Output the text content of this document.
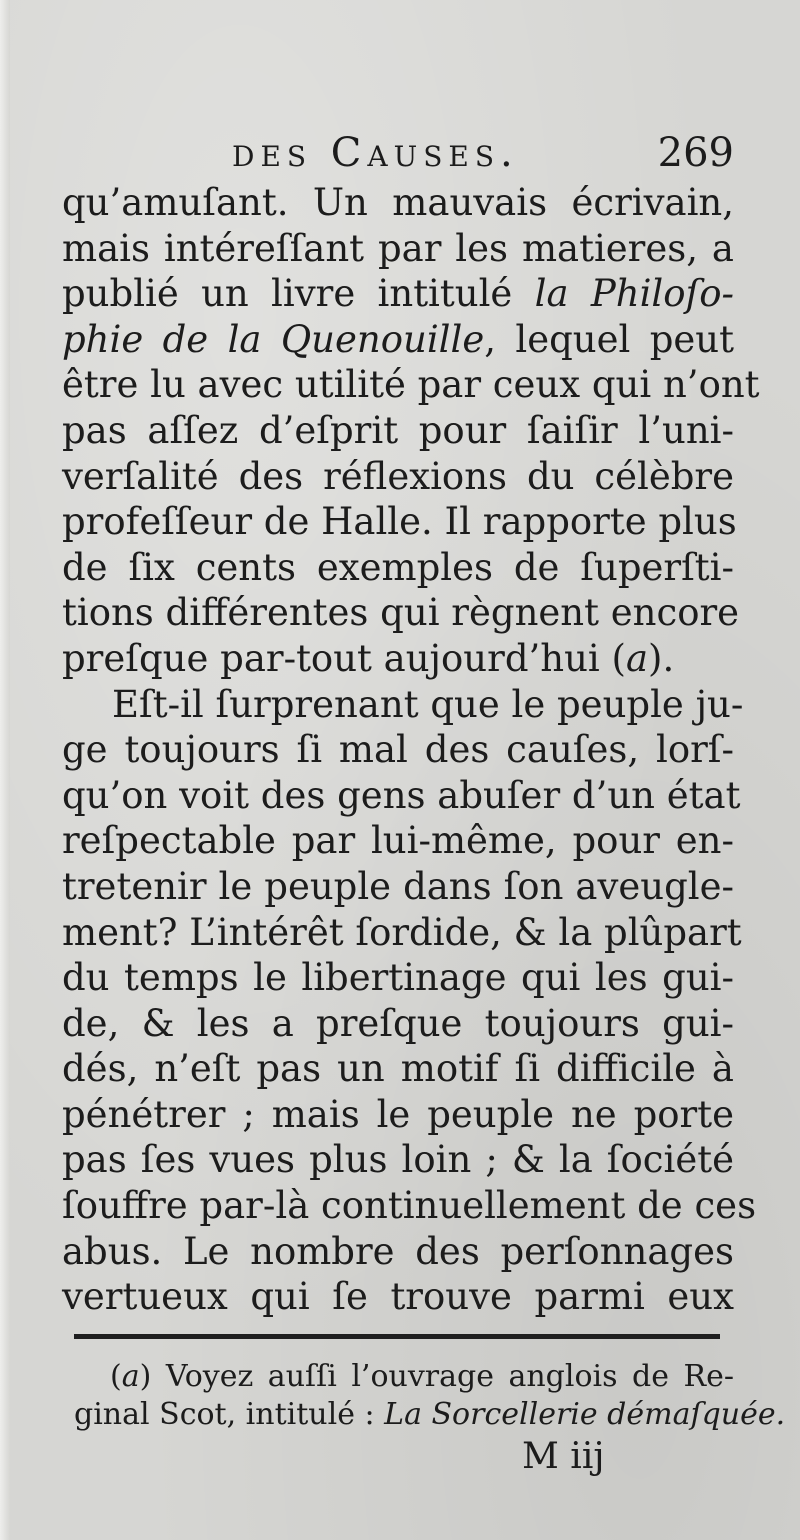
des Causes.	269
qu’amuſant. Un mauvais écrivain,
mais intéreſſant par les matieres, a
publié un livre intitulé la Philoſo-
phie de la Quenouille, lequel peut
être lu avec utilité par ceux qui n’ont
pas aſſez d’eſprit pour ſaiſir l’uni-
verſalité des réflexions du célèbre
profeſſeur de Halle. Il rapporte plus
de ſix cents exemples de ſuperſti-
tions différentes qui règnent encore
preſque par-tout aujourd’hui (a).
Eſt-il ſurprenant que le peuple ju-
ge toujours ſi mal des cauſes, lorſ-
qu’on voit des gens abuſer d’un état
reſpectable par lui-même, pour en-
tretenir le peuple dans ſon aveugle-
ment? L’intérêt ſordide, & la plûpart
du temps le libertinage qui les gui-
de, & les a preſque toujours gui-
dés, n’eſt pas un motif ſi difficile à
pénétrer ; mais le peuple ne porte
pas ſes vues plus loin ; & la ſociété
ſouffre par-là continuellement de ces
abus. Le nombre des perſonnages
vertueux qui ſe trouve parmi eux
(a) Voyez auſſi l’ouvrage anglois de Re-
ginal Scot, intitulé : La Sorcellerie démaſquée.
M iij
